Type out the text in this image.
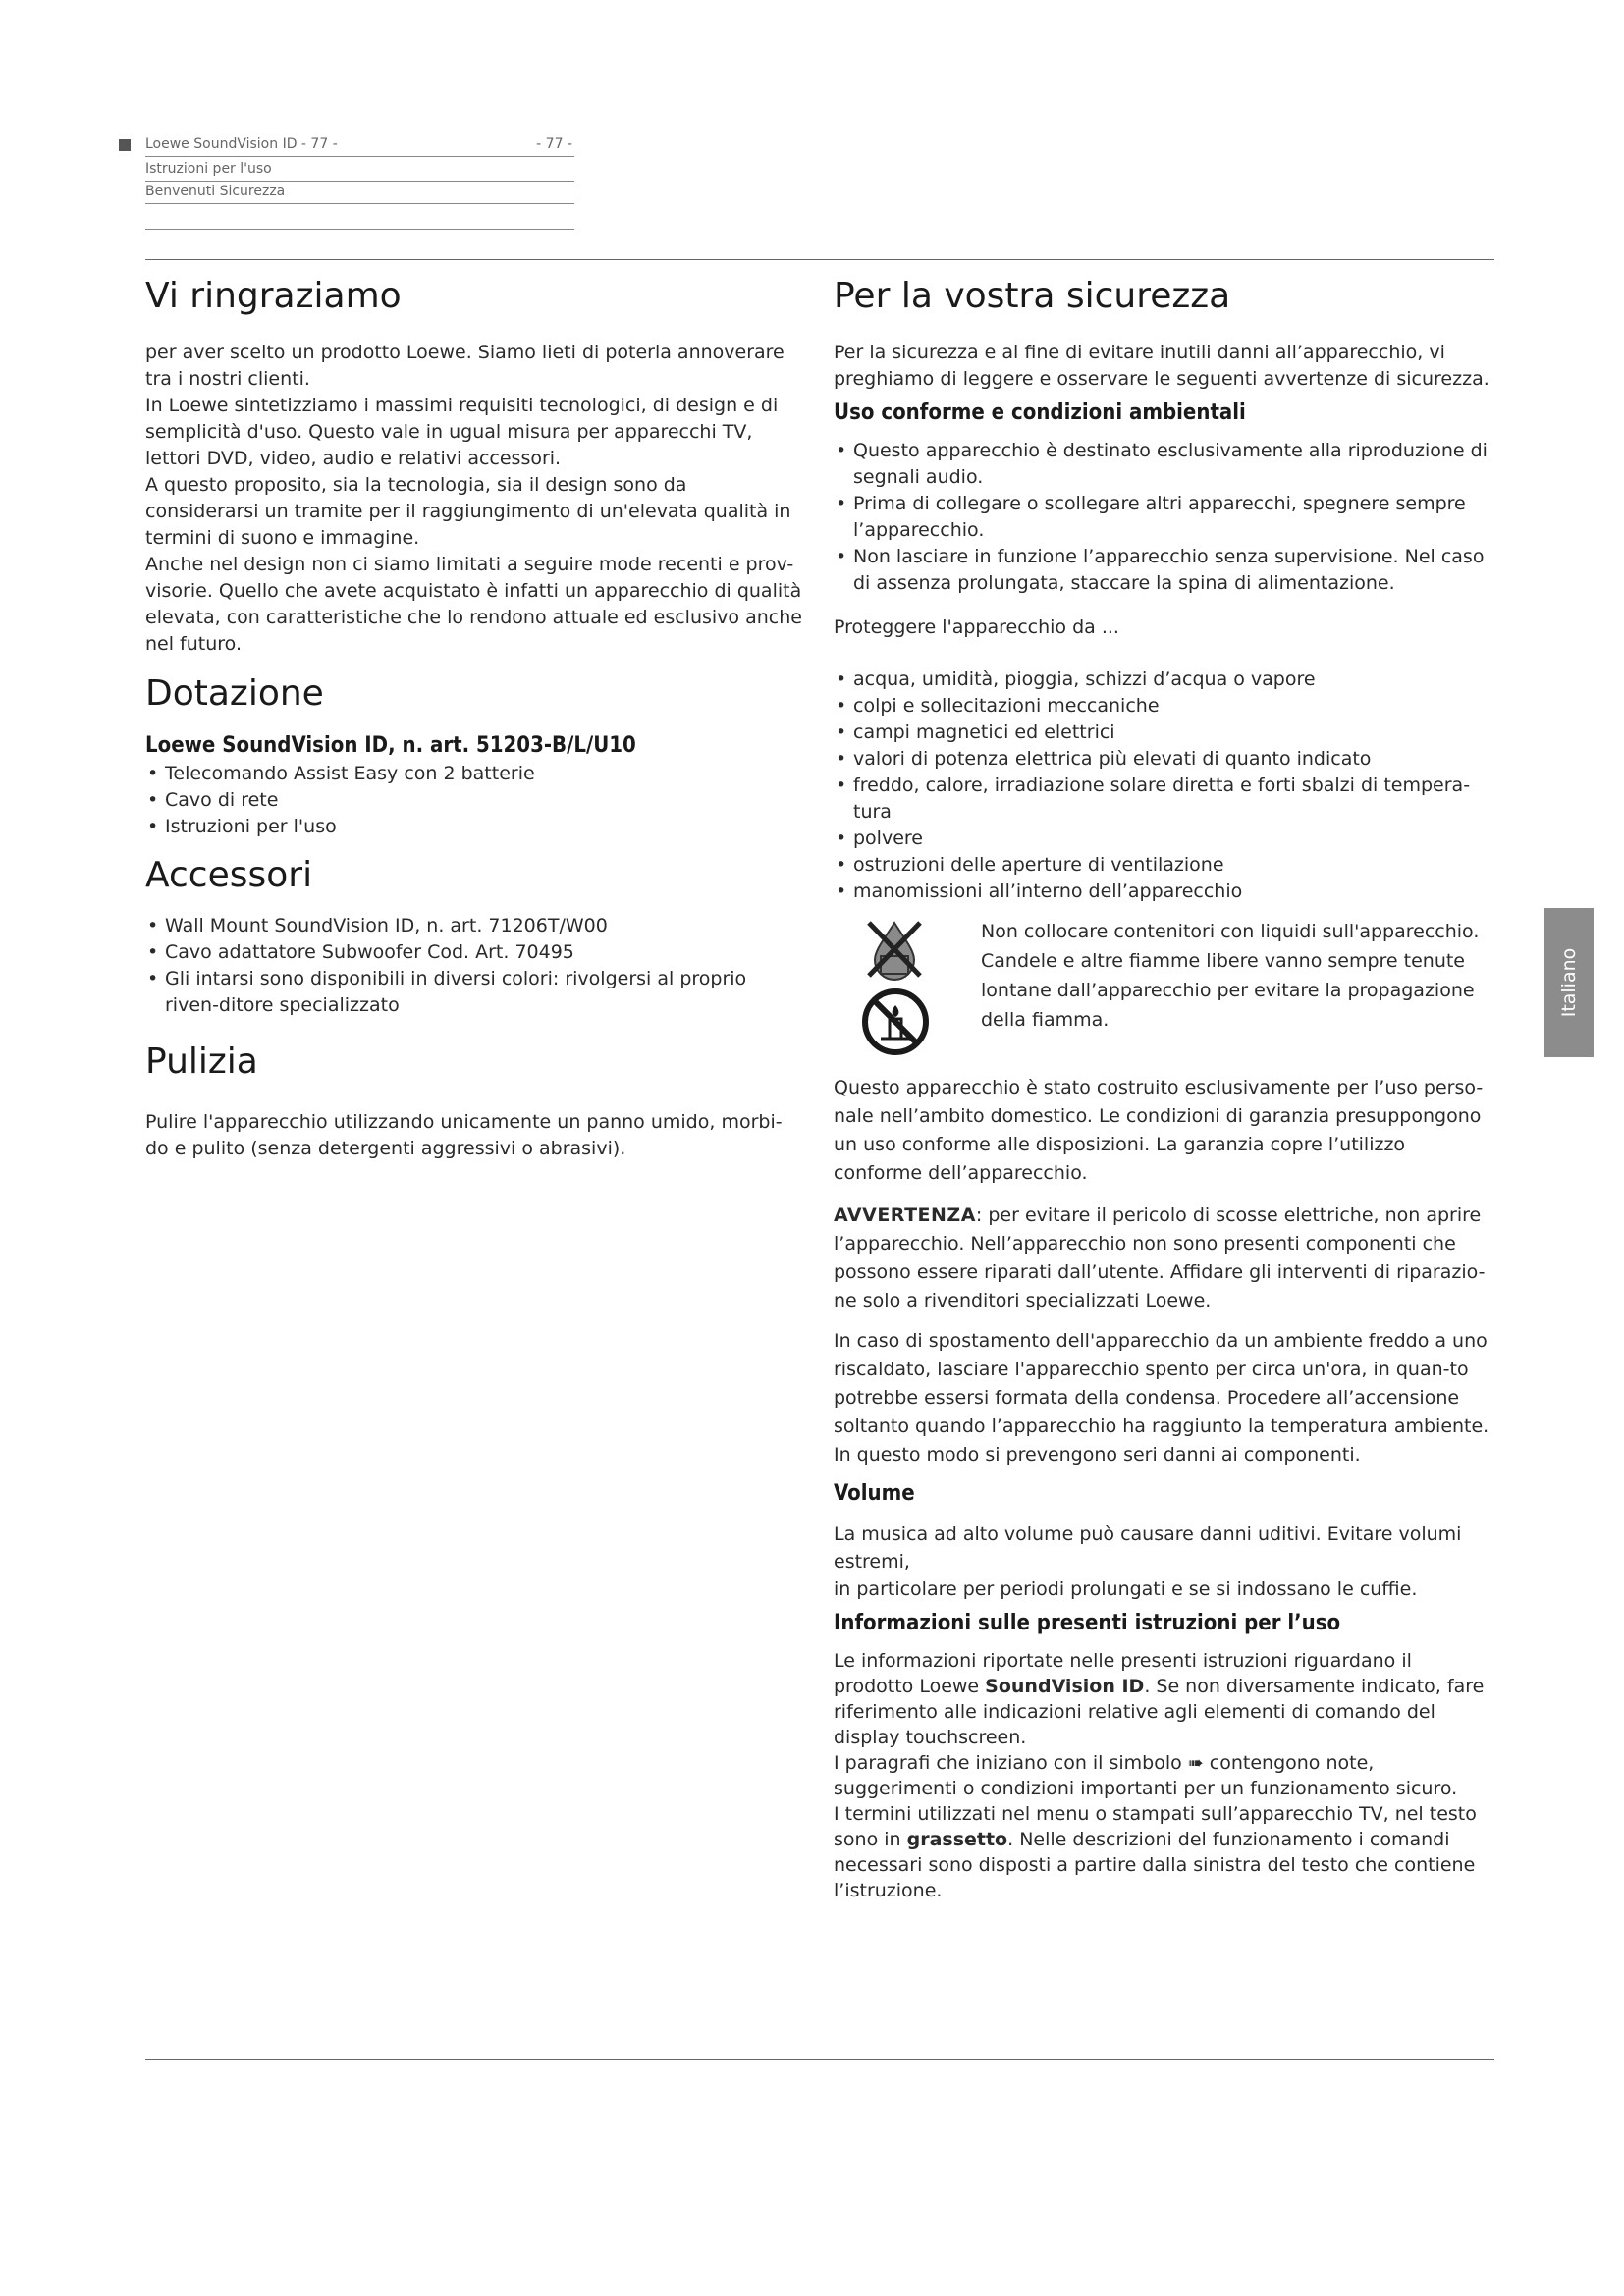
Loewe SoundVision ID - 77 -	- 77 -
Istruzioni per l'uso
Benvenuti Sicurezza
Vi ringraziamo

per aver scelto un prodotto Loewe. Siamo lieti di poterla annoverare tra i nostri clienti.

In Loewe sintetizziamo i massimi requisiti tecnologici, di design e di semplicità d'uso. Questo vale in ugual misura per apparecchi TV, lettori DVD, video, audio e relativi accessori.

A questo proposito, sia la tecnologia, sia il design sono da considerarsi un tramite per il raggiungimento di un'elevata qualità in termini di suono e immagine.

Anche nel design non ci siamo limitati a seguire mode recenti e prov-visorie. Quello che avete acquistato è infatti un apparecchio di qualità elevata, con caratteristiche che lo rendono attuale ed esclusivo anche nel futuro.

Dotazione
Loewe SoundVision ID, n. art. 51203-B/L/U10
• Telecomando Assist Easy con 2 batterie
• Cavo di rete
• Istruzioni per l'uso
Accessori
• Wall Mount SoundVision ID, n. art. 71206T/W00
• Cavo adattatore Subwoofer Cod. Art. 70495
• Gli intarsi sono disponibili in diversi colori: rivolgersi al proprio riven-ditore specializzato
Pulizia

Pulire l'apparecchio utilizzando unicamente un panno umido, morbi-do e pulito (senza detergenti aggressivi o abrasivi).

Per la vostra sicurezza

Per la sicurezza e al fine di evitare inutili danni all’apparecchio, vi preghiamo di leggere e osservare le seguenti avvertenze di sicurezza.

Uso conforme e condizioni ambientali
• Questo apparecchio è destinato esclusivamente alla riproduzione di segnali audio.
• Prima di collegare o scollegare altri apparecchi, spegnere sempre l’apparecchio.
• Non lasciare in funzione l’apparecchio senza supervisione. Nel caso di assenza prolungata, staccare la spina di alimentazione.

Proteggere l'apparecchio da ...

• acqua, umidità, pioggia, schizzi d’acqua o vapore
• colpi e sollecitazioni meccaniche
• campi magnetici ed elettrici
• valori di potenza elettrica più elevati di quanto indicato
• freddo, calore, irradiazione solare diretta e forti sbalzi di tempera-tura
• polvere
• ostruzioni delle aperture di ventilazione
• manomissioni all’interno dell’apparecchio

Non collocare contenitori con liquidi sull'apparecchio. Candele e altre fiamme libere vanno sempre tenute lontane dall’apparecchio per evitare la propagazione della fiamma.

Questo apparecchio è stato costruito esclusivamente per l’uso perso-nale nell’ambito domestico. Le condizioni di garanzia presuppongono un uso conforme alle disposizioni. La garanzia copre l’utilizzo conforme dell’apparecchio.

AVVERTENZA: per evitare il pericolo di scosse elettriche, non aprire l’apparecchio. Nell’apparecchio non sono presenti componenti che possono essere riparati dall’utente. Affidare gli interventi di riparazio-ne solo a rivenditori specializzati Loewe.

In caso di spostamento dell'apparecchio da un ambiente freddo a uno riscaldato, lasciare l'apparecchio spento per circa un'ora, in quan-to potrebbe essersi formata della condensa. Procedere all’accensione soltanto quando l’apparecchio ha raggiunto la temperatura ambiente. In questo modo si prevengono seri danni ai componenti.

Volume

La musica ad alto volume può causare danni uditivi. Evitare volumi estremi,

in particolare per periodi prolungati e se si indossano le cuffie.

Informazioni sulle presenti istruzioni per l’uso

Le informazioni riportate nelle presenti istruzioni riguardano il prodotto Loewe SoundVision ID. Se non diversamente indicato, fare riferimento alle indicazioni relative agli elementi di comando del display touchscreen.

I paragrafi che iniziano con il simbolo ➠ contengono note, suggerimenti o condizioni importanti per un funzionamento sicuro.

I termini utilizzati nel menu o stampati sull’apparecchio TV, nel testo sono in grassetto. Nelle descrizioni del funzionamento i comandi necessari sono disposti a partire dalla sinistra del testo che contiene l’istruzione.

Italiano
